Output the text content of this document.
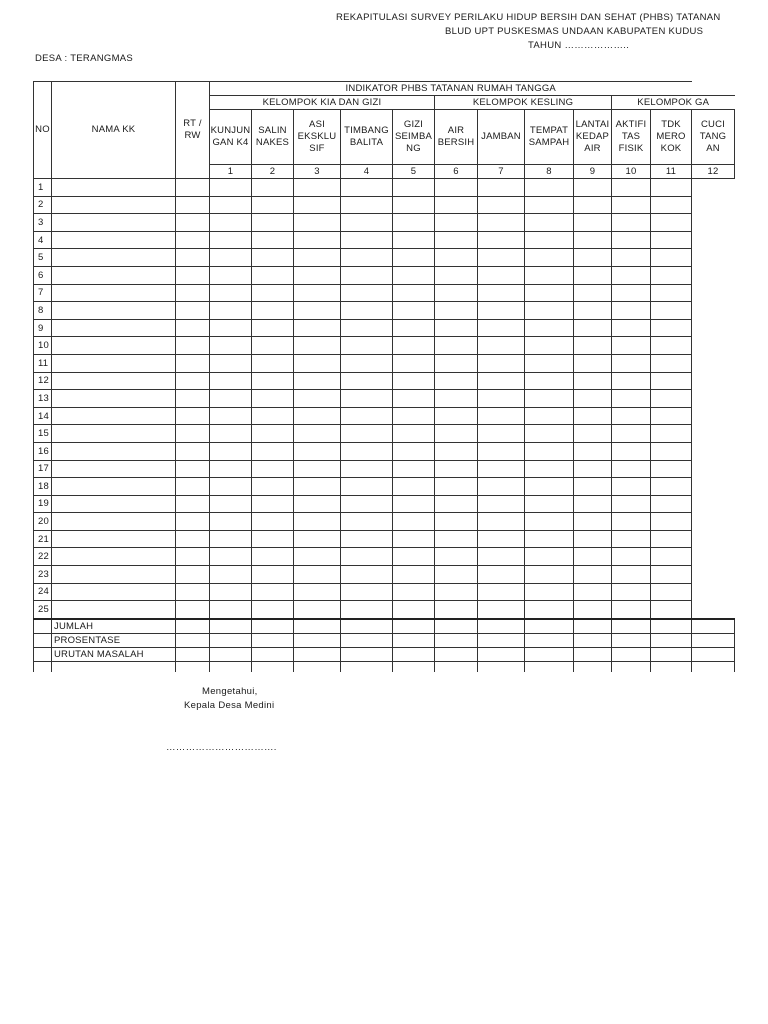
REKAPITULASI SURVEY PERILAKU HIDUP BERSIH DAN SEHAT (PHBS) TATANAN
BLUD UPT PUSKESMAS UNDAAN KABUPATEN KUDUS
TAHUN ………………..
DESA : TERANGMAS
NO	NAMA KK	RT / RW	INDIKATOR PHBS TATANAN RUMAH TANGGA											
			KELOMPOK KIA DAN GIZI					KELOMPOK KESLING				KELOMPOK GA		
			KUNJUN GAN K4	SALIN NAKES	ASI EKSKLU SIF	TIMBANG BALITA	GIZI SEIMBA NG	AIR BERSIH	JAMBAN	TEMPAT SAMPAH	LANTAI KEDAP AIR	AKTIFI TAS FISIK	TDK MERO KOK	CUCI TANG AN
			1	2	3	4	5	6	7	8	9	10	11	12
1														
2														
3														
4														
5														
6														
7														
8														
9														
10														
11														
12														
13														
14														
15														
16														
17														
18														
19														
20														
21														
22														
23														
24														
25														
	JUMLAH													
	PROSENTASE													
	URUTAN MASALAH													

Mengetahui,
Kepala Desa Medini
…………………………….
